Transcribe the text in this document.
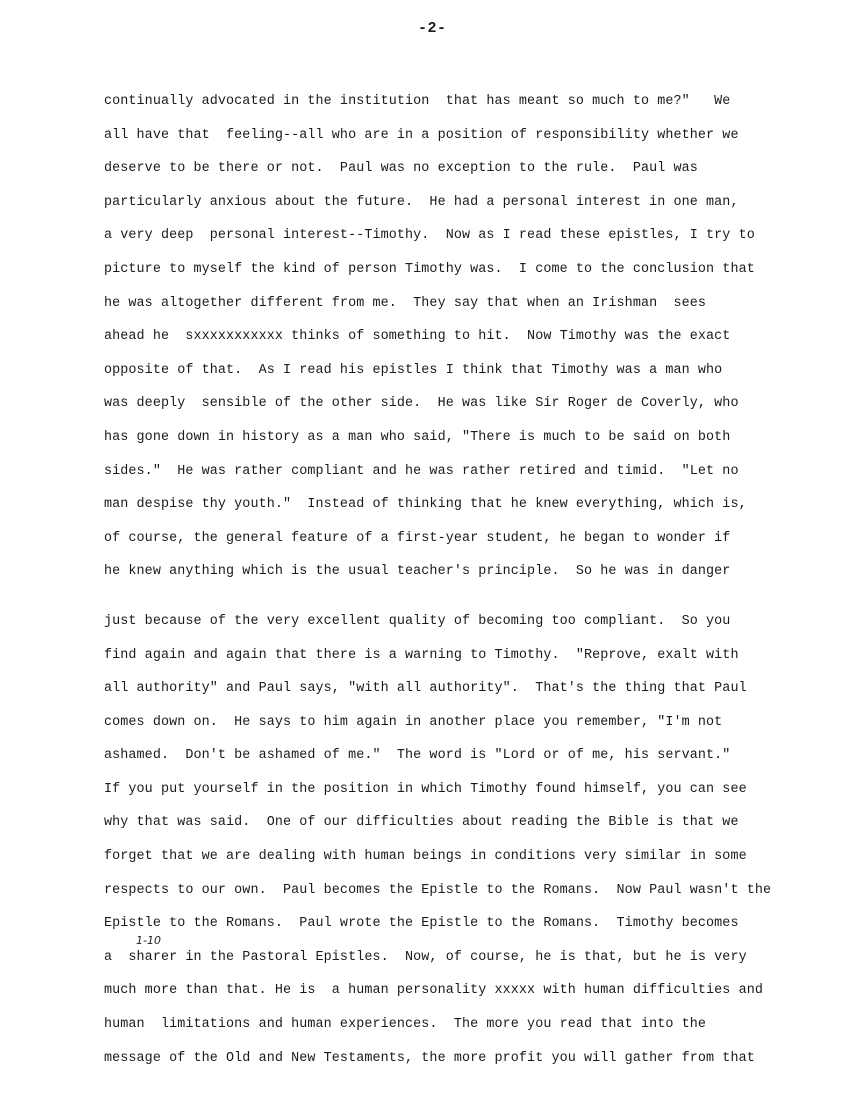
-2-
1-10
continually advocated in the institution  that has meant so much to me?"   We
all have that  feeling--all who are in a position of responsibility whether we
deserve to be there or not.  Paul was no exception to the rule.  Paul was
particularly anxious about the future.  He had a personal interest in one man,
a very deep  personal interest--Timothy.  Now as I read these epistles, I try to
picture to myself the kind of person Timothy was.  I come to the conclusion that
he was altogether different from me.  They say that when an Irishman  sees
ahead he  sxxxxxxxxxxx thinks of something to hit.  Now Timothy was the exact
opposite of that.  As I read his epistles I think that Timothy was a man who
was deeply  sensible of the other side.  He was like Sir Roger de Coverly, who
has gone down in history as a man who said, "There is much to be said on both
sides."  He was rather compliant and he was rather retired and timid.  "Let no
man despise thy youth."  Instead of thinking that he knew everything, which is,
of course, the general feature of a first-year student, he began to wonder if
he knew anything which is the usual teacher's principle.  So he was in danger
just because of the very excellent quality of becoming too compliant.  So you
find again and again that there is a warning to Timothy.  "Reprove, exalt with
all authority" and Paul says, "with all authority".  That's the thing that Paul
comes down on.  He says to him again in another place you remember, "I'm not
ashamed.  Don't be ashamed of me."  The word is "Lord or of me, his servant."
If you put yourself in the position in which Timothy found himself, you can see
why that was said.  One of our difficulties about reading the Bible is that we
forget that we are dealing with human beings in conditions very similar in some
respects to our own.  Paul becomes the Epistle to the Romans.  Now Paul wasn't the
Epistle to the Romans.  Paul wrote the Epistle to the Romans.  Timothy becomes
a  sharer in the Pastoral Epistles.  Now, of course, he is that, but he is very
much more than that. He is  a human personality xxxxx with human difficulties and
human  limitations and human experiences.  The more you read that into the
message of the Old and New Testaments, the more profit you will gather from that
